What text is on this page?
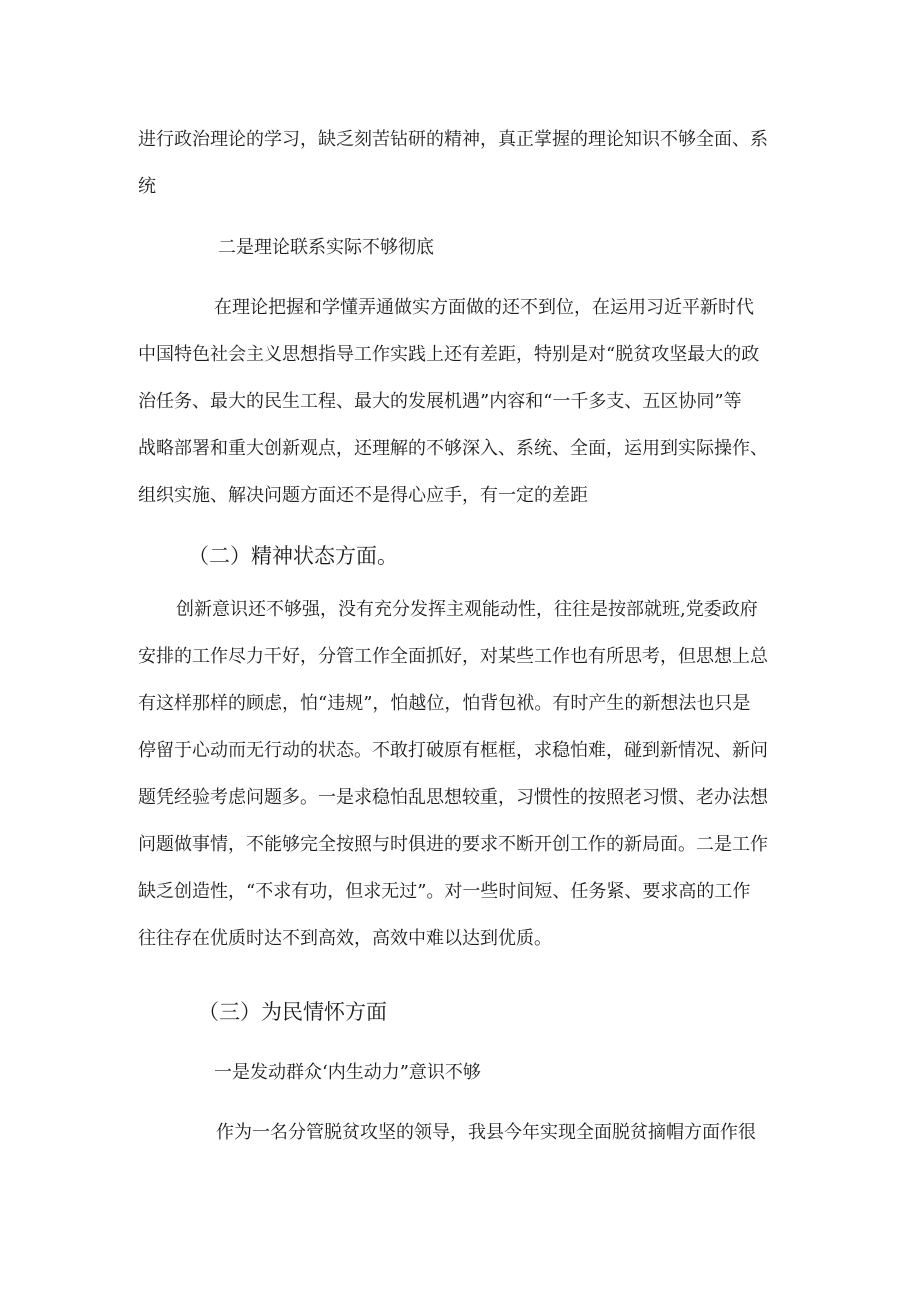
进行政治理论的学习，缺乏刻苦钻研的精神，真正掌握的理论知识不够全面、系
统
二是理论联系实际不够彻底
在理论把握和学懂弄通做实方面做的还不到位，在运用习近平新时代
中国特色社会主义思想指导工作实践上还有差距，特别是对“脱贫攻坚最大的政
治任务、最大的民生工程、最大的发展机遇”内容和“一千多支、五区协同”等
战略部署和重大创新观点，还理解的不够深入、系统、全面，运用到实际操作、
组织实施、解决问题方面还不是得心应手，有一定的差距
（二）精神状态方面。
创新意识还不够强，没有充分发挥主观能动性，往往是按部就班,党委政府
安排的工作尽力干好，分管工作全面抓好，对某些工作也有所思考，但思想上总
有这样那样的顾虑，怕“违规”，怕越位，怕背包袱。有时产生的新想法也只是
停留于心动而无行动的状态。不敢打破原有框框，求稳怕难，碰到新情况、新问
题凭经验考虑问题多。一是求稳怕乱思想较重，习惯性的按照老习惯、老办法想
问题做事情，不能够完全按照与时俱进的要求不断开创工作的新局面。二是工作
缺乏创造性，“不求有功，但求无过”。对一些时间短、任务紧、要求高的工作
往往存在优质时达不到高效，高效中难以达到优质。
（三）为民情怀方面
一是发动群众‘内生动力”意识不够
作为一名分管脱贫攻坚的领导，我县今年实现全面脱贫摘帽方面作很
